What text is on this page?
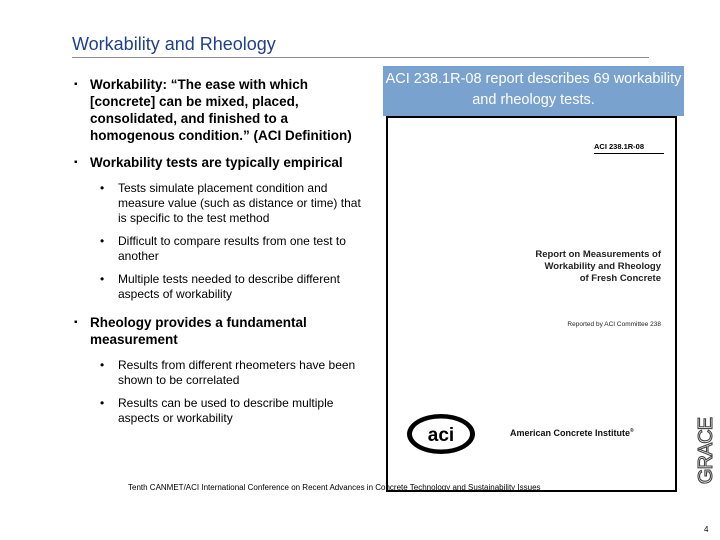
Workability and Rheology
▪ Workability: “The ease with which [concrete] can be mixed, placed, consolidated, and finished to a homogenous condition.” (ACI Definition)
▪ Workability tests are typically empirical
• Tests simulate placement condition and measure value (such as distance or time) that is specific to the test method
• Difficult to compare results from one test to another
• Multiple tests needed to describe different aspects of workability
▪ Rheology provides a fundamental measurement
• Results from different rheometers have been shown to be correlated
• Results can be used to describe multiple aspects or workability
ACI 238.1R-08 report describes 69 workability and rheology tests.
ACI 238.1R-08
Report on Measurements of
Workability and Rheology
of Fresh Concrete
Reported by ACI Committee 238
aci	American Concrete Institute®	GRACE
Tenth CANMET/ACI International Conference on Recent Advances in Concrete Technology and Sustainability Issues
4
